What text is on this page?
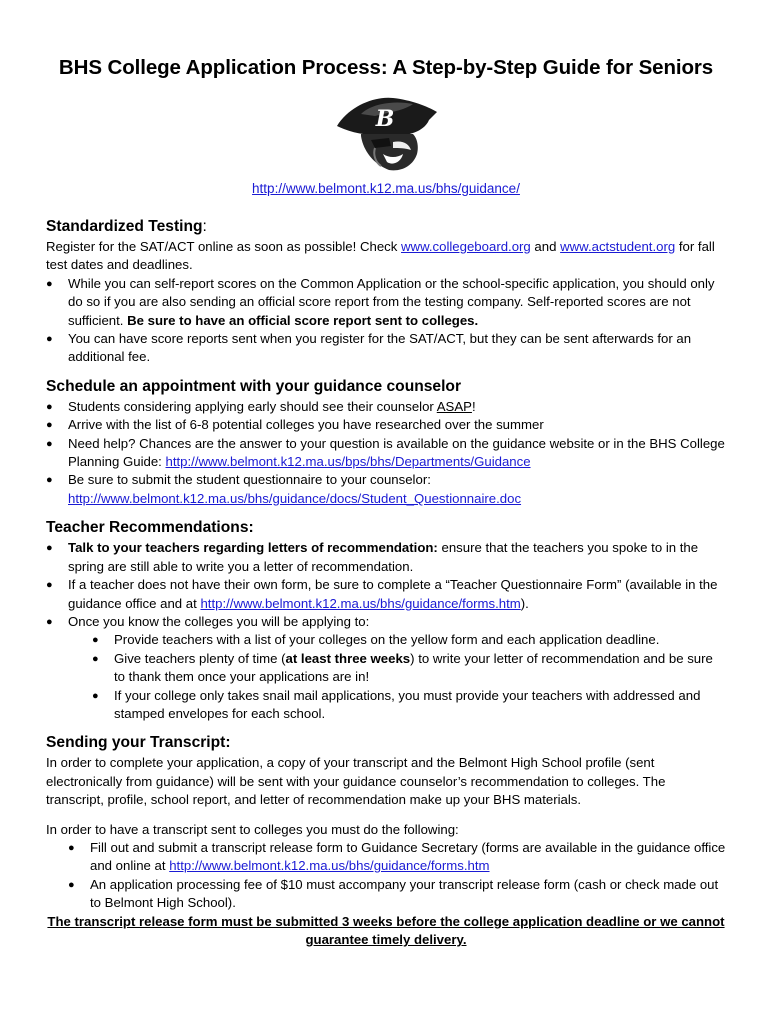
BHS College Application Process: A Step-by-Step Guide for Seniors
B
http://www.belmont.k12.ma.us/bhs/guidance/
Standardized Testing:

Register for the SAT/ACT online as soon as possible! Check www.collegeboard.org and www.actstudent.org for fall test dates and deadlines.

● While you can self-report scores on the Common Application or the school-specific application, you should only do so if you are also sending an official score report from the testing company. Self-reported scores are not sufficient. Be sure to have an official score report sent to colleges.
● You can have score reports sent when you register for the SAT/ACT, but they can be sent afterwards for an additional fee.
Schedule an appointment with your guidance counselor
● Students considering applying early should see their counselor ASAP!
● Arrive with the list of 6-8 potential colleges you have researched over the summer
● Need help? Chances are the answer to your question is available on the guidance website or in the BHS College Planning Guide: http://www.belmont.k12.ma.us/bps/bhs/Departments/Guidance
● Be sure to submit the student questionnaire to your counselor: http://www.belmont.k12.ma.us/bhs/guidance/docs/Student_Questionnaire.doc
Teacher Recommendations:
● Talk to your teachers regarding letters of recommendation: ensure that the teachers you spoke to in the spring are still able to write you a letter of recommendation.
● If a teacher does not have their own form, be sure to complete a “Teacher Questionnaire Form” (available in the guidance office and at http://www.belmont.k12.ma.us/bhs/guidance/forms.htm).
● Once you know the colleges you will be applying to:
● Provide teachers with a list of your colleges on the yellow form and each application deadline.
● Give teachers plenty of time (at least three weeks) to write your letter of recommendation and be sure to thank them once your applications are in!
● If your college only takes snail mail applications, you must provide your teachers with addressed and stamped envelopes for each school.
Sending your Transcript:

In order to complete your application, a copy of your transcript and the Belmont High School profile (sent electronically from guidance) will be sent with your guidance counselor’s recommendation to colleges. The transcript, profile, school report, and letter of recommendation make up your BHS materials.

In order to have a transcript sent to colleges you must do the following:

● Fill out and submit a transcript release form to Guidance Secretary (forms are available in the guidance office and online at http://www.belmont.k12.ma.us/bhs/guidance/forms.htm
● An application processing fee of $10 must accompany your transcript release form (cash or check made out to Belmont High School).

The transcript release form must be submitted 3 weeks before the college application deadline or we cannot guarantee timely delivery.
